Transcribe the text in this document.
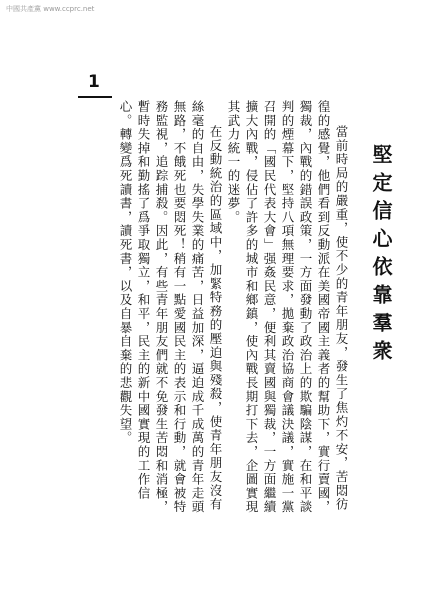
中國共產黨 www.ccprc.net
1
堅定信心依靠羣衆
當前時局的嚴重，使不少的青年朋友，發生了焦灼不安，苦悶彷徨的感覺，他們看到反動派在美國帝國主義者的幫助下，實行賣國，獨裁，內戰的錯誤政策，一方面發動了政治上的欺騙陰謀，在和平談判的煙幕下，堅持八項無理要求，拋棄政治協商會議決議，實施一黨召開的「國民代表大會」强姦民意，便利其賣國與獨裁，一方面繼續擴大內戰，侵佔了許多的城市和鄉鎮，使內戰長期打下去，企圖實現其武力統一的迷夢。
在反動統治的區域中，加緊特務的壓迫與殘殺，使青年朋友沒有絲毫的自由，失學失業的痛苦，日益加深，逼迫成千成萬的青年走頭無路，不餓死也要悶死！稍有一點愛國民主的表示和行動，就會被特務監視，追踪捕殺。因此，有些青年朋友們就不免發生苦悶和消極，暫時失掉和勤搖了爲爭取獨立，和平，民主的新中國實現的工作信心。轉變爲死讀書，讀死書，以及自暴自棄的悲觀失望。
